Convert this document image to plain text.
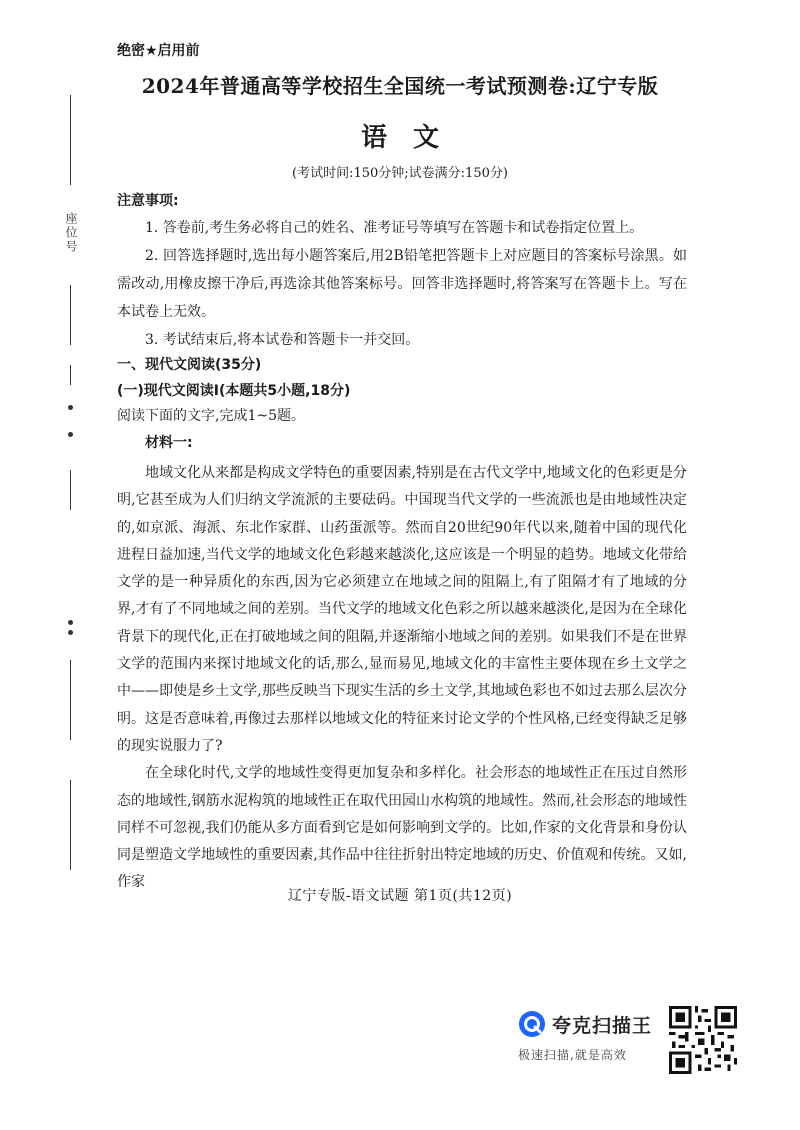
座位号
绝密★启用前
2024年普通高等学校招生全国统一考试预测卷:辽宁专版
语文
(考试时间:150分钟;试卷满分:150分)
注意事项:

1. 答卷前,考生务必将自己的姓名、准考证号等填写在答题卡和试卷指定位置上。

2. 回答选择题时,选出每小题答案后,用2B铅笔把答题卡上对应题目的答案标号涂黑。如需改动,用橡皮擦干净后,再选涂其他答案标号。回答非选择题时,将答案写在答题卡上。写在本试卷上无效。

3. 考试结束后,将本试卷和答题卡一并交回。

一、现代文阅读(35分)
(一)现代文阅读Ⅰ(本题共5小题,18分)
阅读下面的文字,完成1~5题。
材料一:

地域文化从来都是构成文学特色的重要因素,特别是在古代文学中,地域文化的色彩更是分明,它甚至成为人们归纳文学流派的主要砝码。中国现当代文学的一些流派也是由地域性决定的,如京派、海派、东北作家群、山药蛋派等。然而自20世纪90年代以来,随着中国的现代化进程日益加速,当代文学的地域文化色彩越来越淡化,这应该是一个明显的趋势。地域文化带给文学的是一种异质化的东西,因为它必须建立在地域之间的阻隔上,有了阻隔才有了地域的分界,才有了不同地域之间的差别。当代文学的地域文化色彩之所以越来越淡化,是因为在全球化背景下的现代化,正在打破地域之间的阻隔,并逐渐缩小地域之间的差别。如果我们不是在世界文学的范围内来探讨地域文化的话,那么,显而易见,地域文化的丰富性主要体现在乡土文学之中——即使是乡土文学,那些反映当下现实生活的乡土文学,其地域色彩也不如过去那么层次分明。这是否意味着,再像过去那样以地域文化的特征来讨论文学的个性风格,已经变得缺乏足够的现实说服力了?

在全球化时代,文学的地域性变得更加复杂和多样化。社会形态的地域性正在压过自然形态的地域性,钢筋水泥构筑的地域性正在取代田园山水构筑的地域性。然而,社会形态的地域性同样不可忽视,我们仍能从多方面看到它是如何影响到文学的。比如,作家的文化背景和身份认同是塑造文学地域性的重要因素,其作品中往往折射出特定地域的历史、价值观和传统。又如,作家

辽宁专版-语文试题 第1页(共12页)
夸克扫描王
极速扫描,就是高效
